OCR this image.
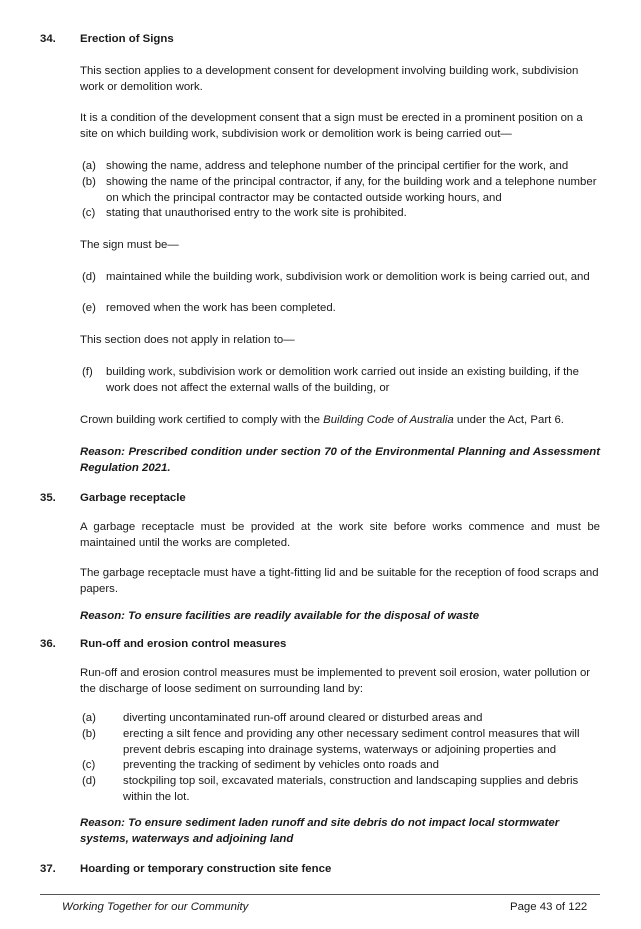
34. Erection of Signs

This section applies to a development consent for development involving building work, subdivision work or demolition work.

It is a condition of the development consent that a sign must be erected in a prominent position on a site on which building work, subdivision work or demolition work is being carried out—

(a) showing the name, address and telephone number of the principal certifier for the work, and

(b) showing the name of the principal contractor, if any, for the building work and a telephone number on which the principal contractor may be contacted outside working hours, and

(c) stating that unauthorised entry to the work site is prohibited.

The sign must be—

(d) maintained while the building work, subdivision work or demolition work is being carried out, and

(e) removed when the work has been completed.

This section does not apply in relation to—

(f) building work, subdivision work or demolition work carried out inside an existing building, if the work does not affect the external walls of the building, or

Crown building work certified to comply with the Building Code of Australia under the Act, Part 6.

Reason: Prescribed condition under section 70 of the Environmental Planning and Assessment Regulation 2021.

35. Garbage receptacle

A garbage receptacle must be provided at the work site before works commence and must be maintained until the works are completed.

The garbage receptacle must have a tight-fitting lid and be suitable for the reception of food scraps and papers.

Reason: To ensure facilities are readily available for the disposal of waste

36. Run-off and erosion control measures

Run-off and erosion control measures must be implemented to prevent soil erosion, water pollution or the discharge of loose sediment on surrounding land by:

(a) diverting uncontaminated run-off around cleared or disturbed areas and

(b) erecting a silt fence and providing any other necessary sediment control measures that will prevent debris escaping into drainage systems, waterways or adjoining properties and

(c) preventing the tracking of sediment by vehicles onto roads and

(d) stockpiling top soil, excavated materials, construction and landscaping supplies and debris within the lot.

Reason: To ensure sediment laden runoff and site debris do not impact local stormwater systems, waterways and adjoining land

37. Hoarding or temporary construction site fence
Working Together for our Community	Page 43 of 122
